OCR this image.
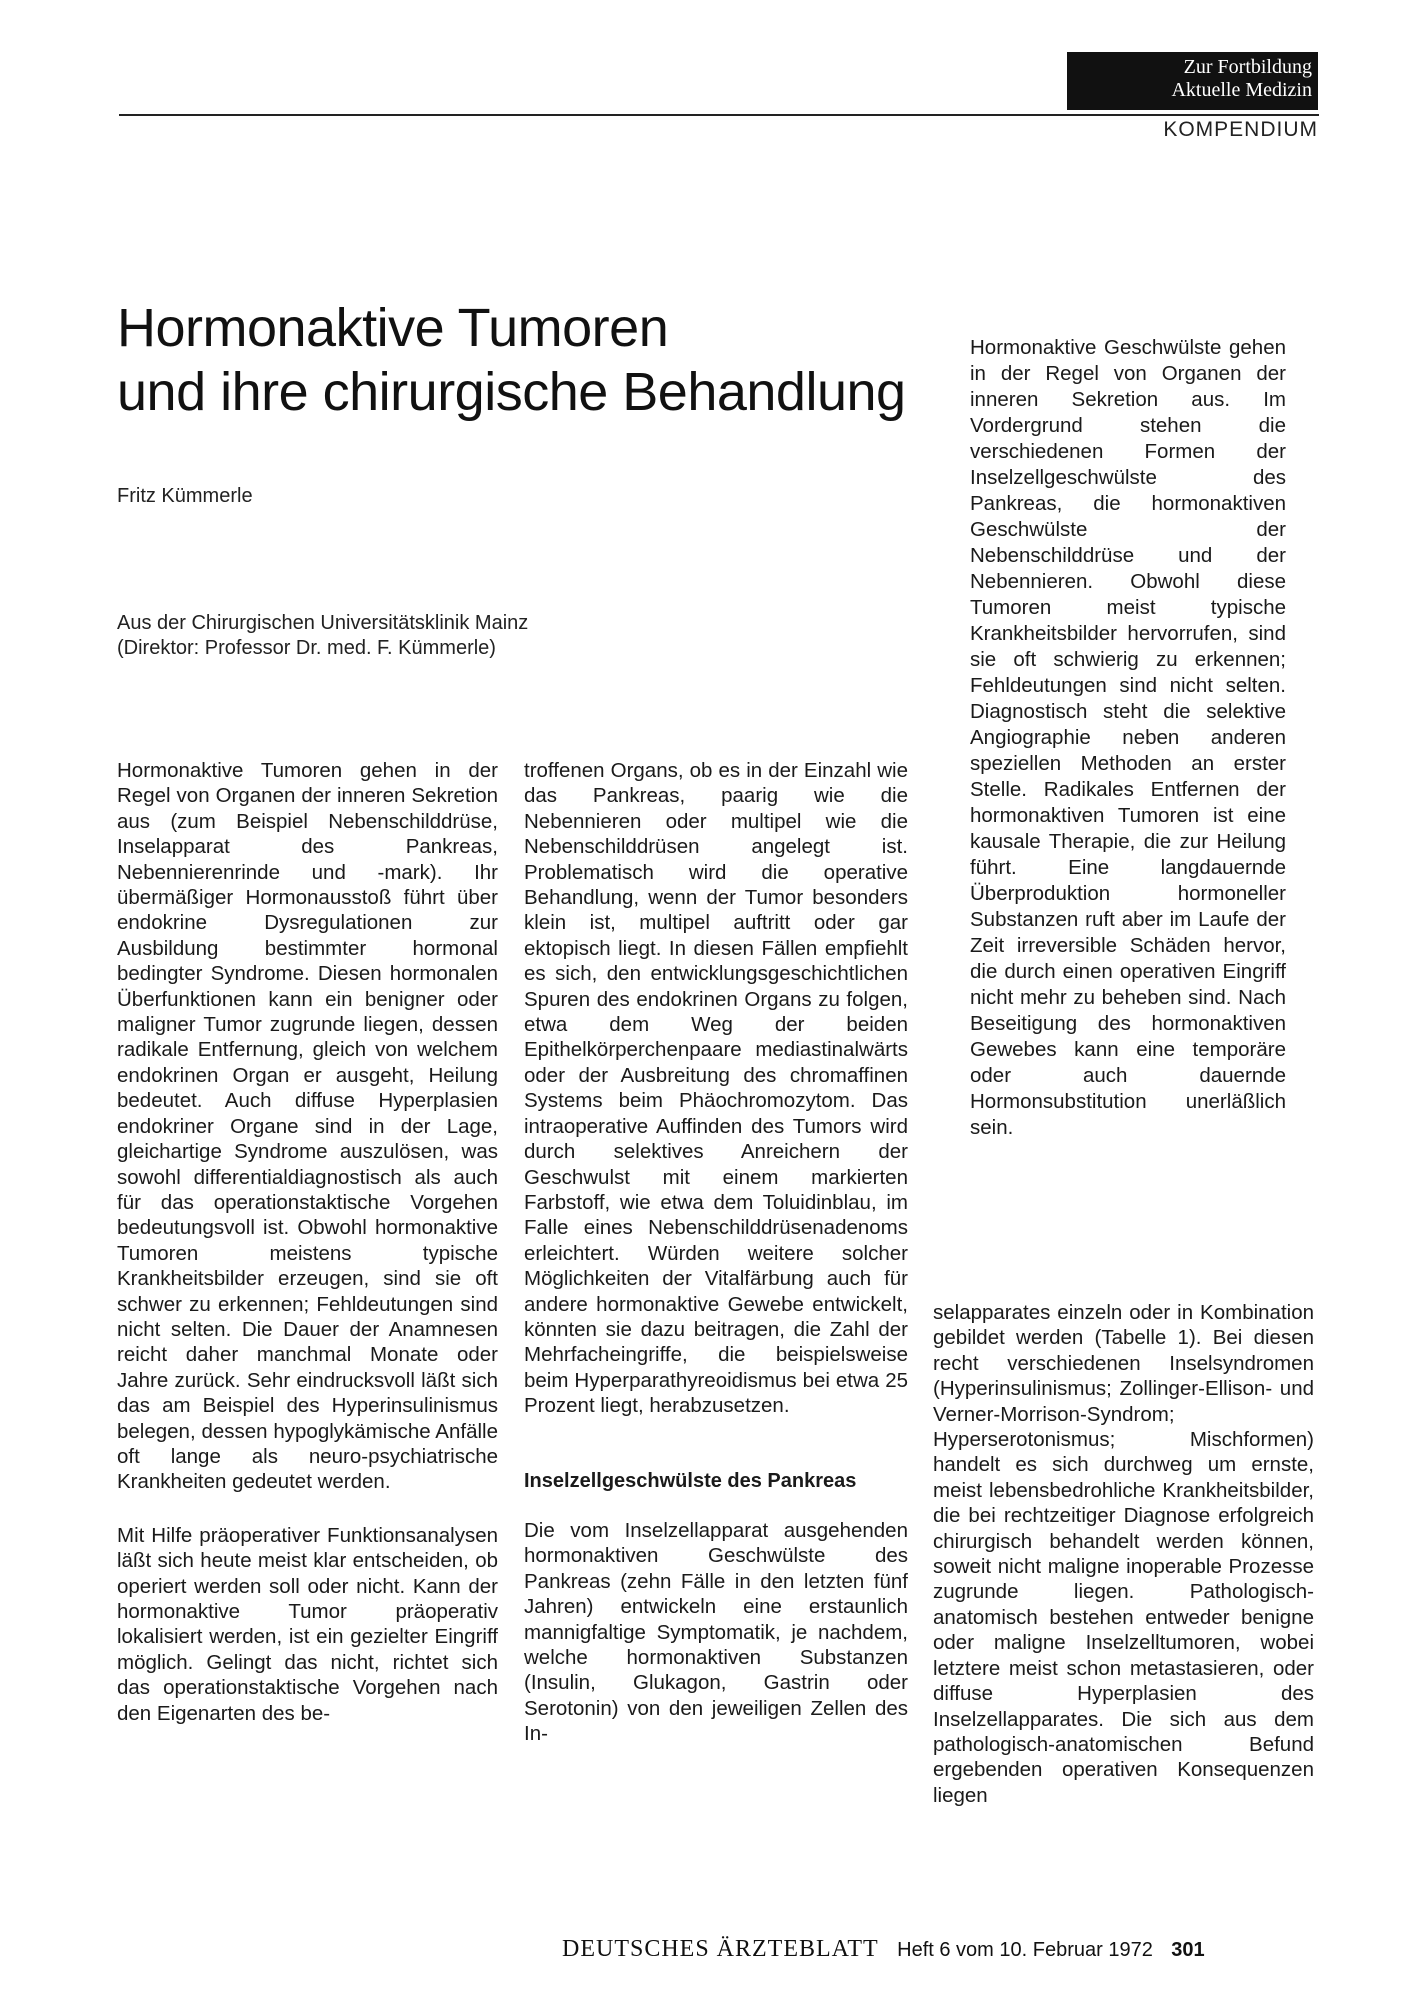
Zur Fortbildung
Aktuelle Medizin
KOMPENDIUM
Hormonaktive Tumoren
und ihre chirurgische Behandlung
Fritz Kümmerle
Aus der Chirurgischen Universitätsklinik Mainz
(Direktor: Professor Dr. med. F. Kümmerle)

Hormonaktive Geschwülste gehen in der Regel von Organen der inneren Sekretion aus. Im Vordergrund stehen die verschiedenen Formen der Inselzellgeschwülste des Pankreas, die hormonaktiven Geschwülste der Nebenschilddrüse und der Nebennieren. Obwohl diese Tumoren meist typische Krankheitsbilder hervorrufen, sind sie oft schwierig zu erkennen; Fehldeutungen sind nicht selten. Diagnostisch steht die selektive Angiographie neben anderen speziellen Methoden an erster Stelle. Radikales Entfernen der hormonaktiven Tumoren ist eine kausale Therapie, die zur Heilung führt. Eine langdauernde Überproduktion hormoneller Substanzen ruft aber im Laufe der Zeit irreversible Schäden hervor, die durch einen operativen Eingriff nicht mehr zu beheben sind. Nach Beseitigung des hormonaktiven Gewebes kann eine temporäre oder auch dauernde Hormonsubstitution unerläßlich sein.

Hormonaktive Tumoren gehen in der Regel von Organen der inneren Sekretion aus (zum Beispiel Nebenschilddrüse, Inselapparat des Pankreas, Nebennierenrinde und -mark). Ihr übermäßiger Hormonausstoß führt über endokrine Dysregulationen zur Ausbildung bestimmter hormonal bedingter Syndrome. Diesen hormonalen Überfunktionen kann ein benigner oder maligner Tumor zugrunde liegen, dessen radikale Entfernung, gleich von welchem endokrinen Organ er ausgeht, Heilung bedeutet. Auch diffuse Hyperplasien endokriner Organe sind in der Lage, gleichartige Syndrome auszulösen, was sowohl differentialdiagnostisch als auch für das operationstaktische Vorgehen bedeutungsvoll ist. Obwohl hormonaktive Tumoren meistens typische Krankheitsbilder erzeugen, sind sie oft schwer zu erkennen; Fehldeutungen sind nicht selten. Die Dauer der Anamnesen reicht daher manchmal Monate oder Jahre zurück. Sehr eindrucksvoll läßt sich das am Beispiel des Hyperinsulinismus belegen, dessen hypoglykämische Anfälle oft lange als neuro-psychiatrische Krankheiten gedeutet werden.

Mit Hilfe präoperativer Funktionsanalysen läßt sich heute meist klar entscheiden, ob operiert werden soll oder nicht. Kann der hormonaktive Tumor präoperativ lokalisiert werden, ist ein gezielter Eingriff möglich. Gelingt das nicht, richtet sich das operationstaktische Vorgehen nach den Eigenarten des be-

troffenen Organs, ob es in der Einzahl wie das Pankreas, paarig wie die Nebennieren oder multipel wie die Nebenschilddrüsen angelegt ist. Problematisch wird die operative Behandlung, wenn der Tumor besonders klein ist, multipel auftritt oder gar ektopisch liegt. In diesen Fällen empfiehlt es sich, den entwicklungsgeschichtlichen Spuren des endokrinen Organs zu folgen, etwa dem Weg der beiden Epithelkörperchenpaare mediastinalwärts oder der Ausbreitung des chromaffinen Systems beim Phäochromozytom. Das intraoperative Auffinden des Tumors wird durch selektives Anreichern der Geschwulst mit einem markierten Farbstoff, wie etwa dem Toluidinblau, im Falle eines Nebenschilddrüsenadenoms erleichtert. Würden weitere solcher Möglichkeiten der Vitalfärbung auch für andere hormonaktive Gewebe entwickelt, könnten sie dazu beitragen, die Zahl der Mehrfacheingriffe, die beispielsweise beim Hyperparathyreoidismus bei etwa 25 Prozent liegt, herabzusetzen.

Inselzellgeschwülste des Pankreas

Die vom Inselzellapparat ausgehenden hormonaktiven Geschwülste des Pankreas (zehn Fälle in den letzten fünf Jahren) entwickeln eine erstaunlich mannigfaltige Symptomatik, je nachdem, welche hormonaktiven Substanzen (Insulin, Glukagon, Gastrin oder Serotonin) von den jeweiligen Zellen des In-

selapparates einzeln oder in Kombination gebildet werden (Tabelle 1). Bei diesen recht verschiedenen Inselsyndromen (Hyperinsulinismus; Zollinger-Ellison- und Verner-Morrison-Syndrom; Hyperserotonismus; Mischformen) handelt es sich durchweg um ernste, meist lebensbedrohliche Krankheitsbilder, die bei rechtzeitiger Diagnose erfolgreich chirurgisch behandelt werden können, soweit nicht maligne inoperable Prozesse zugrunde liegen. Pathologisch-anatomisch bestehen entweder benigne oder maligne Inselzelltumoren, wobei letztere meist schon metastasieren, oder diffuse Hyperplasien des Inselzellapparates. Die sich aus dem pathologisch-anatomischen Befund ergebenden operativen Konsequenzen liegen

DEUTSCHES ÄRZTEBLATT Heft 6 vom 10. Februar 1972 301
